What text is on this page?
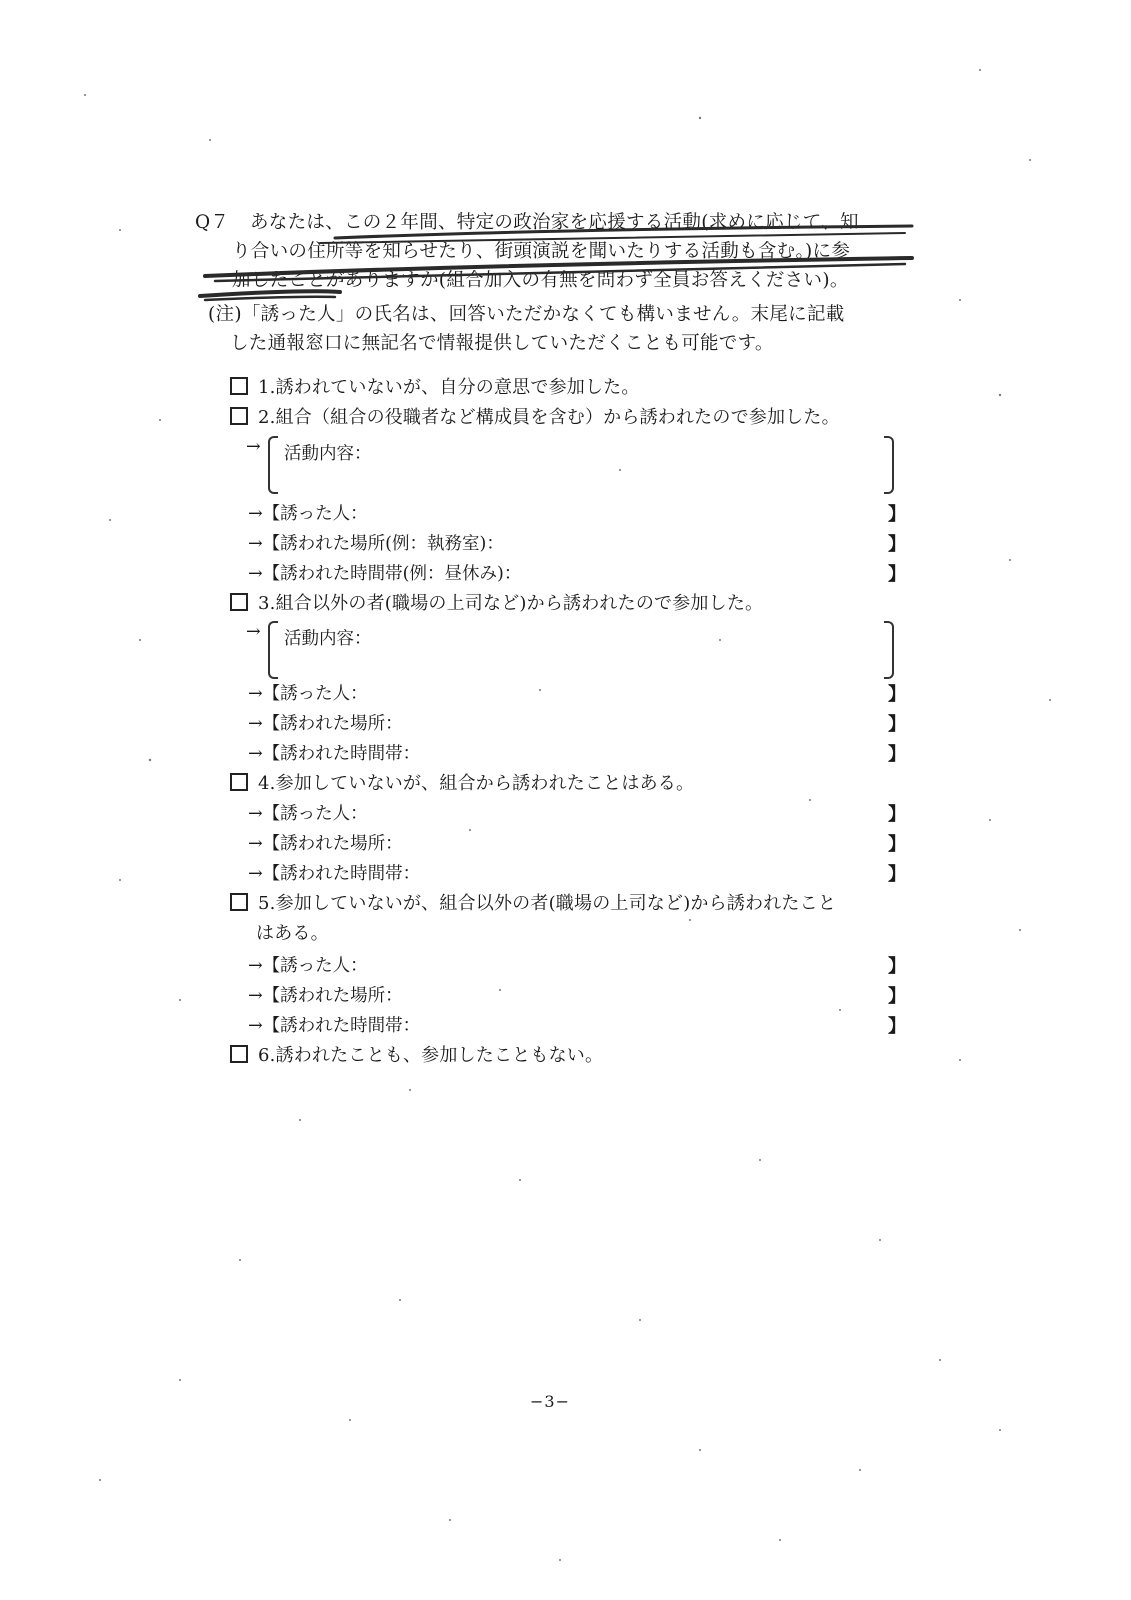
Q７	あなたは、この２年間、特定の政治家を応援する活動(求めに応じて、知
り合いの住所等を知らせたり、街頭演説を聞いたりする活動も含む。)に参
加したことがありますか(組合加入の有無を問わず全員お答えください)。
(注)「誘った人」の氏名は、回答いただかなくても構いません。末尾に記載
した通報窓口に無記名で情報提供していただくことも可能です。
1.誘われていないが、自分の意思で参加した。
2.組合（組合の役職者など構成員を含む）から誘われたので参加した。
→ 活動内容：
→【誘った人：	】
→【誘われた場所(例：執務室)：	】
→【誘われた時間帯(例：昼休み)：	】
3.組合以外の者(職場の上司など)から誘われたので参加した。
→ 活動内容：
→【誘った人：	】
→【誘われた場所：	】
→【誘われた時間帯：	】
4.参加していないが、組合から誘われたことはある。
→【誘った人：	】
→【誘われた場所：	】
→【誘われた時間帯：	】
5.参加していないが、組合以外の者(職場の上司など)から誘われたこと
はある。
→【誘った人：	】
→【誘われた場所：	】
→【誘われた時間帯：	】
6.誘われたことも、参加したこともない。
−3−
